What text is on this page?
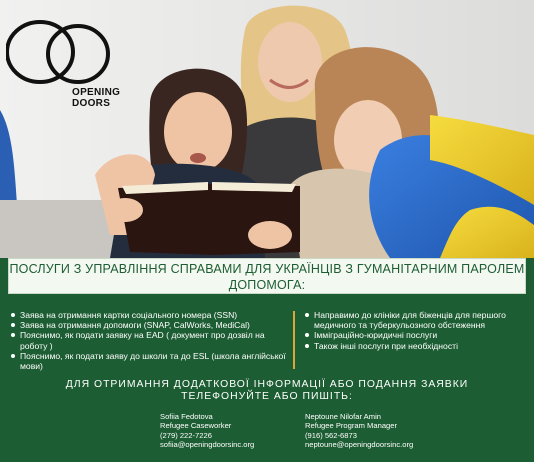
OPENING
DOORS
ПОСЛУГИ З УПРАВЛІННЯ СПРАВАМИ ДЛЯ УКРАЇНЦІВ З ГУМАНІТАРНИМ ПАРОЛЕМ
ДОПОМОГА:
Заява на отримання картки соціального номера (SSN)
Заява на отримання допомоги (SNAP, CalWorks, MediCal)
Пояснимо, як подати заявку на EAD ( документ про дозвіл на роботу )
Пояснимо, як подати заяву до школи та до ESL (школа англійської мови)
Направимо до клініки для біженців для першого медичного та туберкульозного обстеження
Імміграційно-юридичні послуги
Також інші послуги при необхідності
ДЛЯ ОТРИМАННЯ ДОДАТКОВОЇ ІНФОРМАЦІЇ АБО ПОДАННЯ ЗАЯВКИ
ТЕЛЕФОНУЙТЕ АБО ПИШІТЬ:
Sofiia Fedotova
Refugee Caseworker
(279) 222-7226
sofiia@openingdoorsinc.org
Neptoune Nilofar Amin
Refugee Program Manager
(916) 562-6873
neptoune@openingdoorsinc.org
